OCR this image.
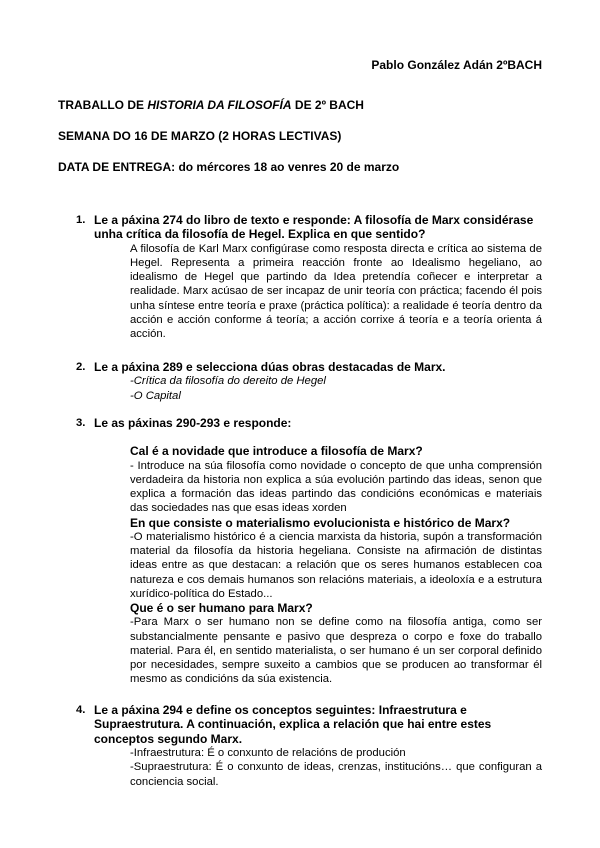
Pablo González Adán 2ºBACH
TRABALLO DE HISTORIA DA FILOSOFÍA DE 2º BACH
SEMANA DO 16 DE MARZO (2 HORAS LECTIVAS)
DATA DE ENTREGA: do mércores 18 ao venres 20 de marzo
1. Le a páxina 274 do libro de texto e responde: A filosofía de Marx considérase unha crítica da filosofía de Hegel. Explica en que sentido?
A filosofía de Karl Marx configúrase como resposta directa e crítica ao sistema de Hegel. Representa a primeira reacción fronte ao Idealismo hegeliano, ao idealismo de Hegel que partindo da Idea pretendía coñecer e interpretar a realidade. Marx acúsao de ser incapaz de unir teoría con práctica; facendo él pois unha síntese entre teoría e praxe (práctica política): a realidade é teoría dentro da acción e acción conforme á teoría; a acción corrixe á teoría e a teoría orienta á acción.
2. Le a páxina 289 e selecciona dúas obras destacadas de Marx.
-Crítica da filosofía do dereito de Hegel
-O Capital
3. Le as páxinas 290-293 e responde:
Cal é a novidade que introduce a filosofía de Marx?
- Introduce na súa filosofía como novidade o concepto de que unha comprensión verdadeira da historia non explica a súa evolución partindo das ideas, senon que explica a formación das ideas partindo das condicións económicas e materiais das sociedades nas que esas ideas xorden
En que consiste o materialismo evolucionista e histórico de Marx?
-O materialismo histórico é a ciencia marxista da historia, supón a transformación material da filosofía da historia hegeliana. Consiste na afirmación de distintas ideas entre as que destacan: a relación que os seres humanos establecen coa natureza e cos demais humanos son relacións materiais, a ideoloxía e a estrutura xurídico-política do Estado...
Que é o ser humano para Marx?
-Para Marx o ser humano non se define como na filosofía antiga, como ser substancialmente pensante e pasivo que despreza o corpo e foxe do traballo material. Para él, en sentido materialista, o ser humano é un ser corporal definido por necesidades, sempre suxeito a cambios que se producen ao transformar él mesmo as condicións da súa existencia.
4. Le a páxina 294 e define os conceptos seguintes: Infraestrutura e Supraestrutura. A continuación, explica a relación que hai entre estes conceptos segundo Marx.
-Infraestrutura: É o conxunto de relacións de produción
-Supraestrutura: É o conxunto de ideas, crenzas, institucións… que configuran a conciencia social.
